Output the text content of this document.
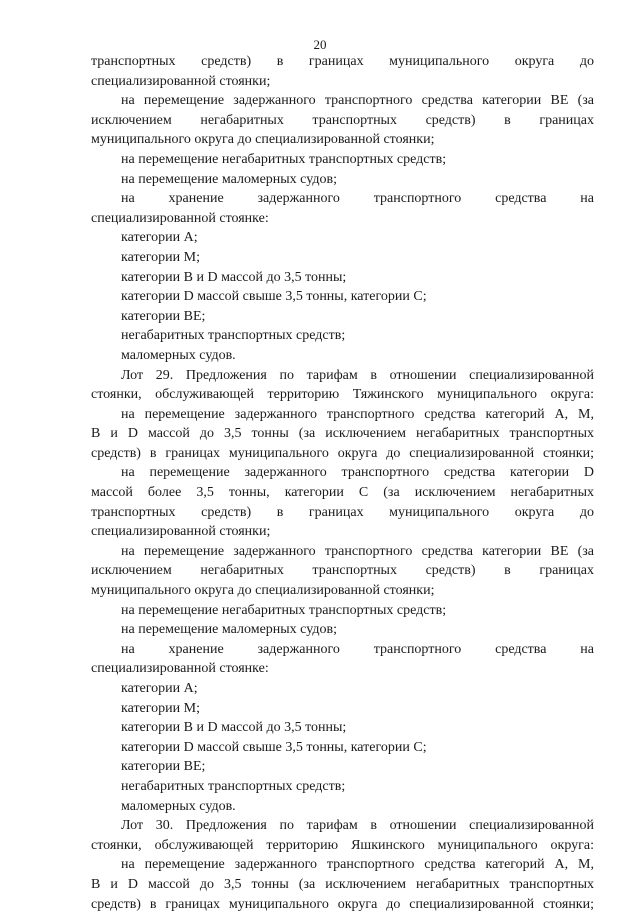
20
транспортных средств) в границах муниципального округа до
специализированной стоянки;
на перемещение задержанного транспортного средства категории BE (за
исключением негабаритных транспортных средств) в границах
муниципального округа до специализированной стоянки;
на перемещение негабаритных транспортных средств;
на перемещение маломерных судов;
на хранение задержанного транспортного средства на
специализированной стоянке:
категории A;
категории M;
категории B и D массой до 3,5 тонны;
категории D массой свыше 3,5 тонны, категории C;
категории BE;
негабаритных транспортных средств;
маломерных судов.
Лот 29. Предложения по тарифам в отношении специализированной
стоянки, обслуживающей территорию Тяжинского муниципального округа:
на перемещение задержанного транспортного средства категорий A, M,
B и D массой до 3,5 тонны (за исключением негабаритных транспортных
средств) в границах муниципального округа до специализированной стоянки;
на перемещение задержанного транспортного средства категории D
массой более 3,5 тонны, категории C (за исключением негабаритных
транспортных средств) в границах муниципального округа до
специализированной стоянки;
на перемещение задержанного транспортного средства категории BE (за
исключением негабаритных транспортных средств) в границах
муниципального округа до специализированной стоянки;
на перемещение негабаритных транспортных средств;
на перемещение маломерных судов;
на хранение задержанного транспортного средства на
специализированной стоянке:
категории A;
категории M;
категории B и D массой до 3,5 тонны;
категории D массой свыше 3,5 тонны, категории C;
категории BE;
негабаритных транспортных средств;
маломерных судов.
Лот 30. Предложения по тарифам в отношении специализированной
стоянки, обслуживающей территорию Яшкинского муниципального округа:
на перемещение задержанного транспортного средства категорий A, M,
B и D массой до 3,5 тонны (за исключением негабаритных транспортных
средств) в границах муниципального округа до специализированной стоянки;
